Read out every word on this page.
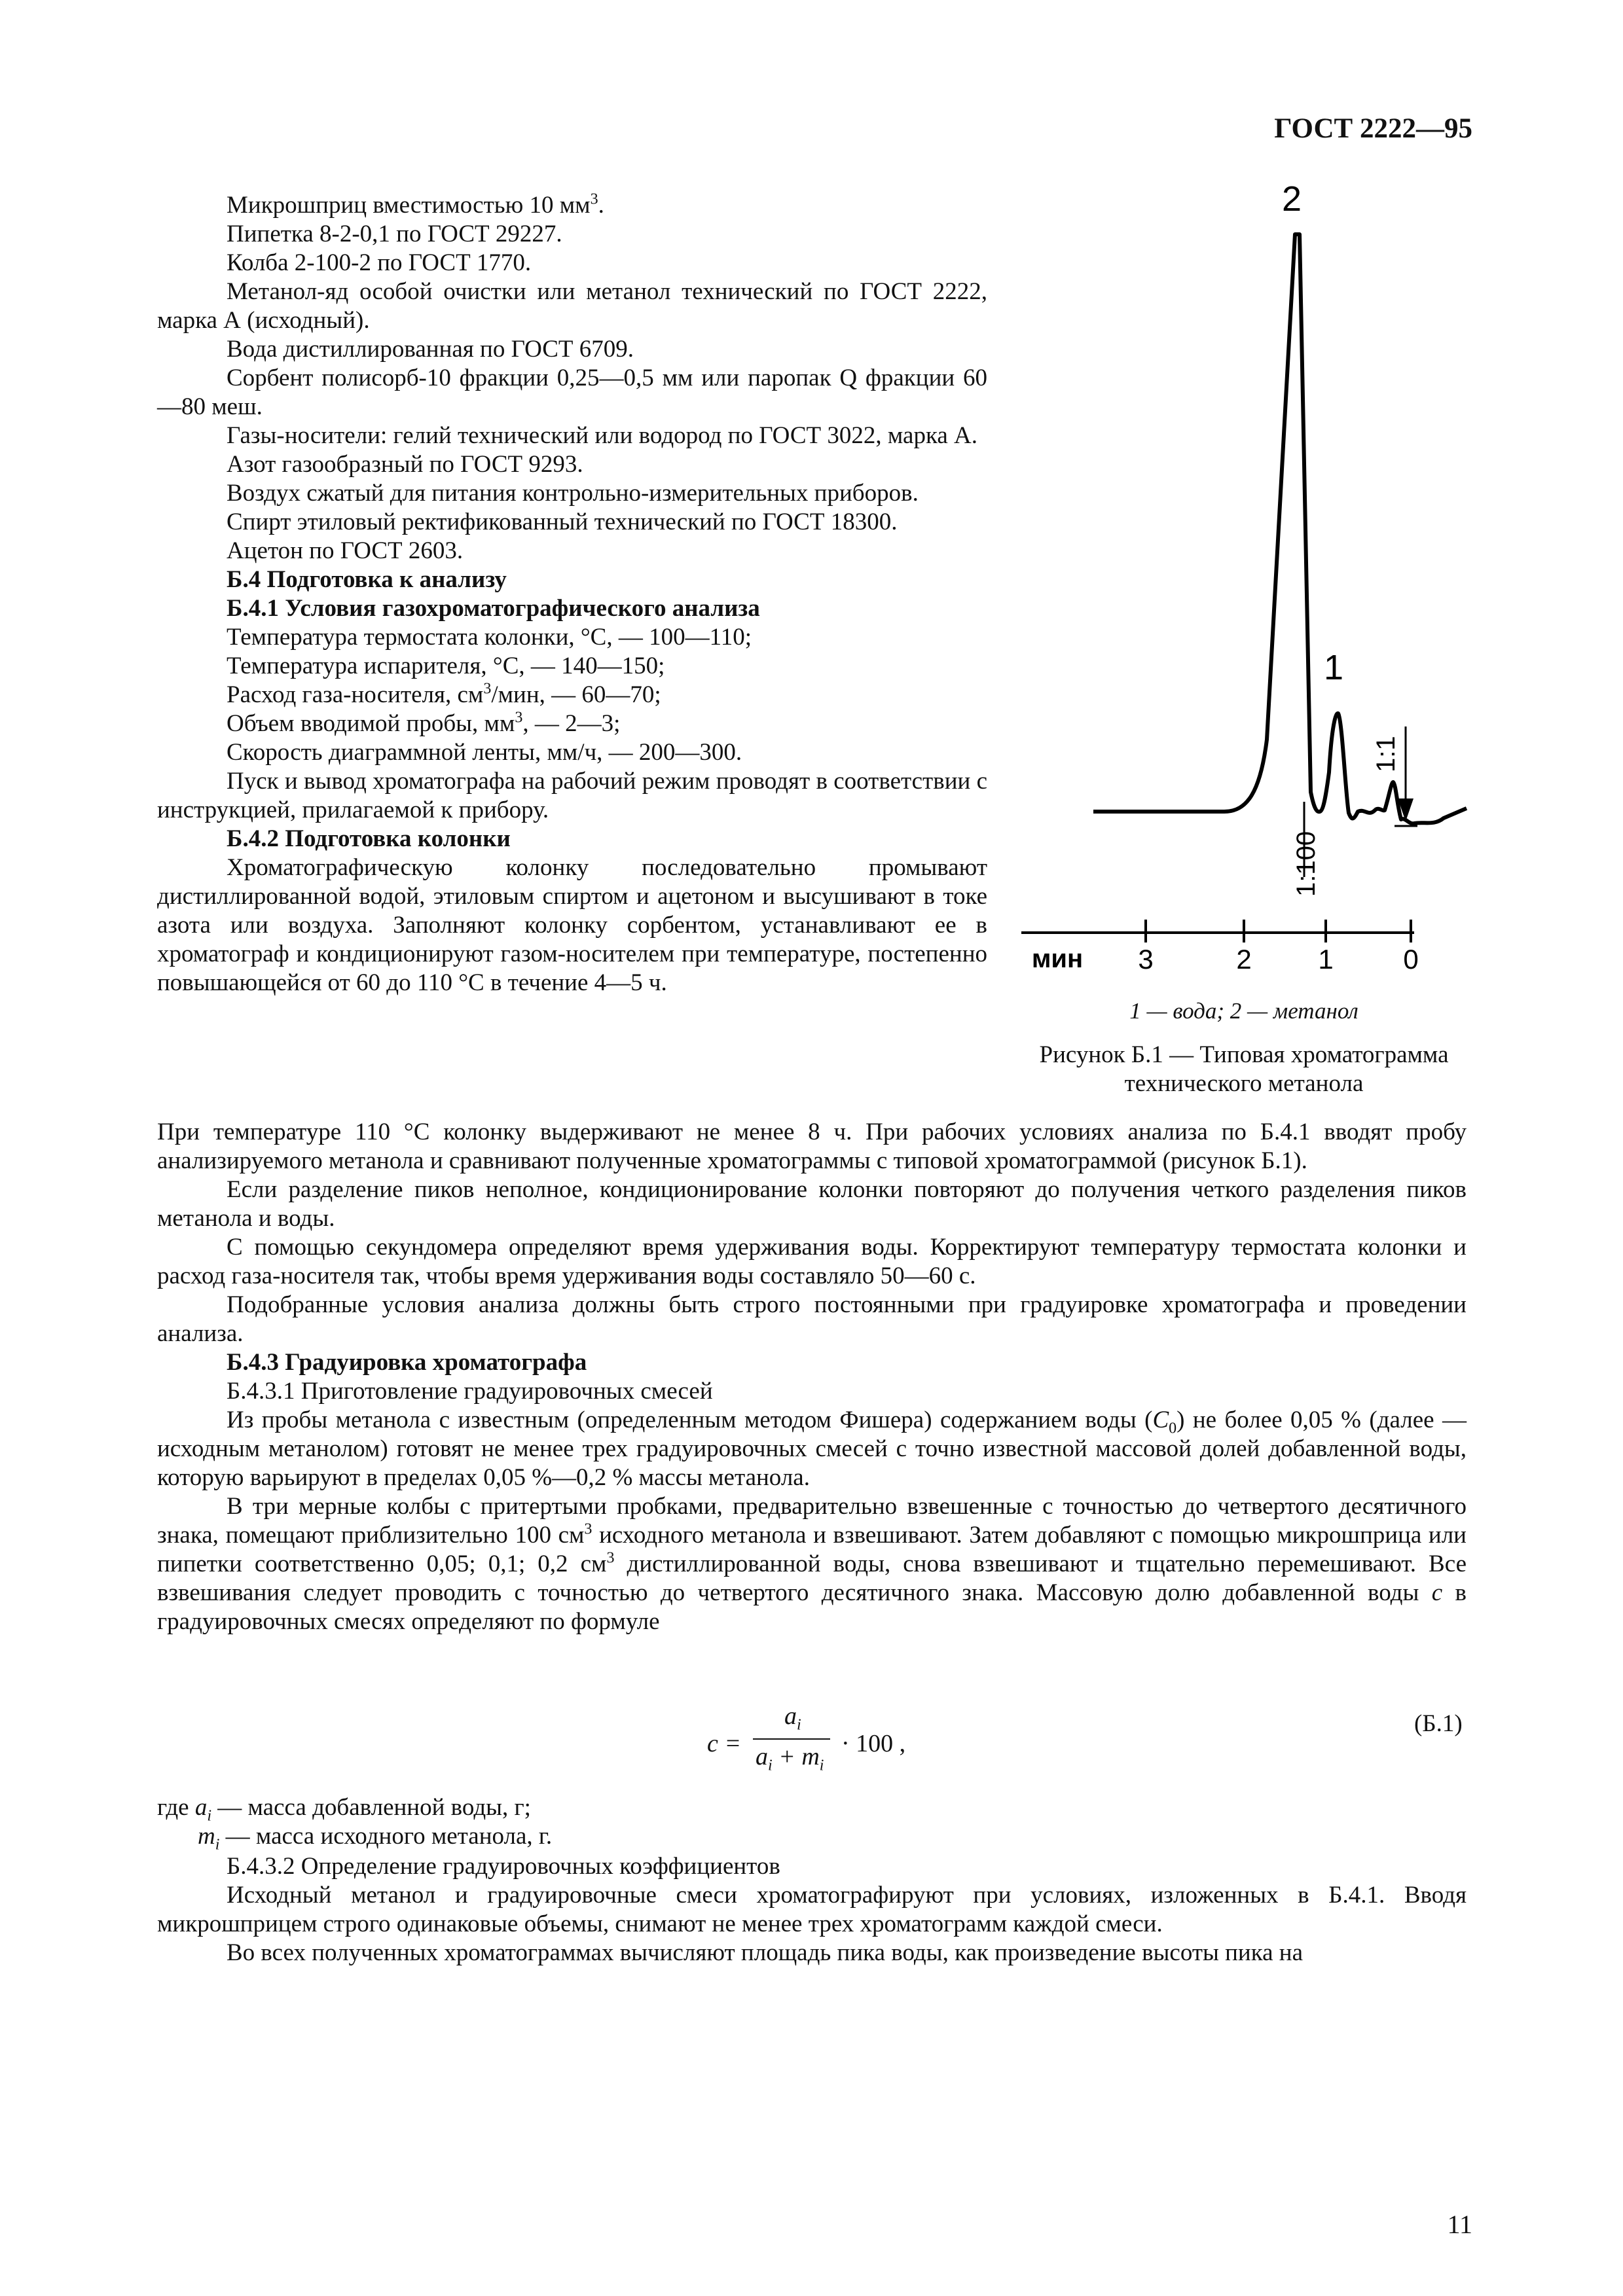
ГОСТ 2222—95

Микрошприц вместимостью 10 $мм^3$.

Пипетка 8-2-0,1 по ГОСТ 29227.

Колба 2-100-2 по ГОСТ 1770.

Метанол-яд особой очистки или метанол технический по ГОСТ 2222, марка А (исходный).

Вода дистиллированная по ГОСТ 6709.

Сорбент полисорб-10 фракции 0,25—0,5 мм или паропак Q фракции 60—80 меш.

Газы-носители: гелий технический или водород по ГОСТ 3022, марка А.

Азот газообразный по ГОСТ 9293.

Воздух сжатый для питания контрольно-измерительных приборов.

Спирт этиловый ректификованный технический по ГОСТ 18300.

Ацетон по ГОСТ 2603.

Б.4 Подготовка к анализу

Б.4.1 Условия газохроматографического анализа

Температура термостата колонки, °С, — 100—110;

Температура испарителя, °С, — 140—150;

Расход газа-носителя, $см^3$/мин, — 60—70;

Объем вводимой пробы, $мм^3$, — 2—3;

Скорость диаграммной ленты, мм/ч, — 200—300.

Пуск и вывод хроматографа на рабочий режим проводят в соответствии с инструкцией, прилагаемой к прибору.

Б.4.2 Подготовка колонки

Хроматографическую колонку последовательно промывают дистиллированной водой, этиловым спиртом и ацетоном и высушивают в токе азота или воздуха. Заполняют колонку сорбентом, устанавливают ее в хроматограф и кондиционируют газом-носителем при температуре, постепенно повышающейся от 60 до 110 °С в течение 4—5 ч.

2
1
1:100
1:1
мин 3	2 1	0
1 — вода; 2 — метанол
Рисунок Б.1 — Типовая хроматограмма технического метанола

При температуре 110 °С колонку выдерживают не менее 8 ч. При рабочих условиях анализа по Б.4.1 вводят пробу анализируемого метанола и сравнивают полученные хроматограммы с типовой хроматограммой (рисунок Б.1).

Если разделение пиков неполное, кондиционирование колонки повторяют до получения четкого разделения пиков метанола и воды.

С помощью секундомера определяют время удерживания воды. Корректируют температуру термостата колонки и расход газа-носителя так, чтобы время удерживания воды составляло 50—60 с.

Подобранные условия анализа должны быть строго постоянными при градуировке хроматографа и проведении анализа.

Б.4.3 Градуировка хроматографа

Б.4.3.1 Приготовление градуировочных смесей

Из пробы метанола с известным (определенным методом Фишера) содержанием воды $(C_0)$ не более 0,05 % (далее — исходным метанолом) готовят не менее трех градуировочных смесей с точно известной массовой долей добавленной воды, которую варьируют в пределах 0,05 %—0,2 % массы метанола.

В три мерные колбы с притертыми пробками, предварительно взвешенные с точностью до четвертого десятичного знака, помещают приблизительно 100 $см^3$ исходного метанола и взвешивают. Затем добавляют с помощью микрошприца или пипетки соответственно 0,05; 0,1; 0,2 $см^3$ дистиллированной воды, снова взвешивают и тщательно перемешивают. Все взвешивания следует проводить с точностью до четвертого десятичного знака. Массовую долю добавленной воды c в градуировочных смесях определяют по формуле

c =
$a_i$
$a_i + m_i$
· 100 ,
(Б.1)

где $a_i$ — масса добавленной воды, г;

$m_i$ — масса исходного метанола, г.

Б.4.3.2 Определение градуировочных коэффициентов

Исходный метанол и градуировочные смеси хроматографируют при условиях, изложенных в Б.4.1. Вводя микрошприцем строго одинаковые объемы, снимают не менее трех хроматограмм каждой смеси.

Во всех полученных хроматограммах вычисляют площадь пика воды, как произведение высоты пика на

11
